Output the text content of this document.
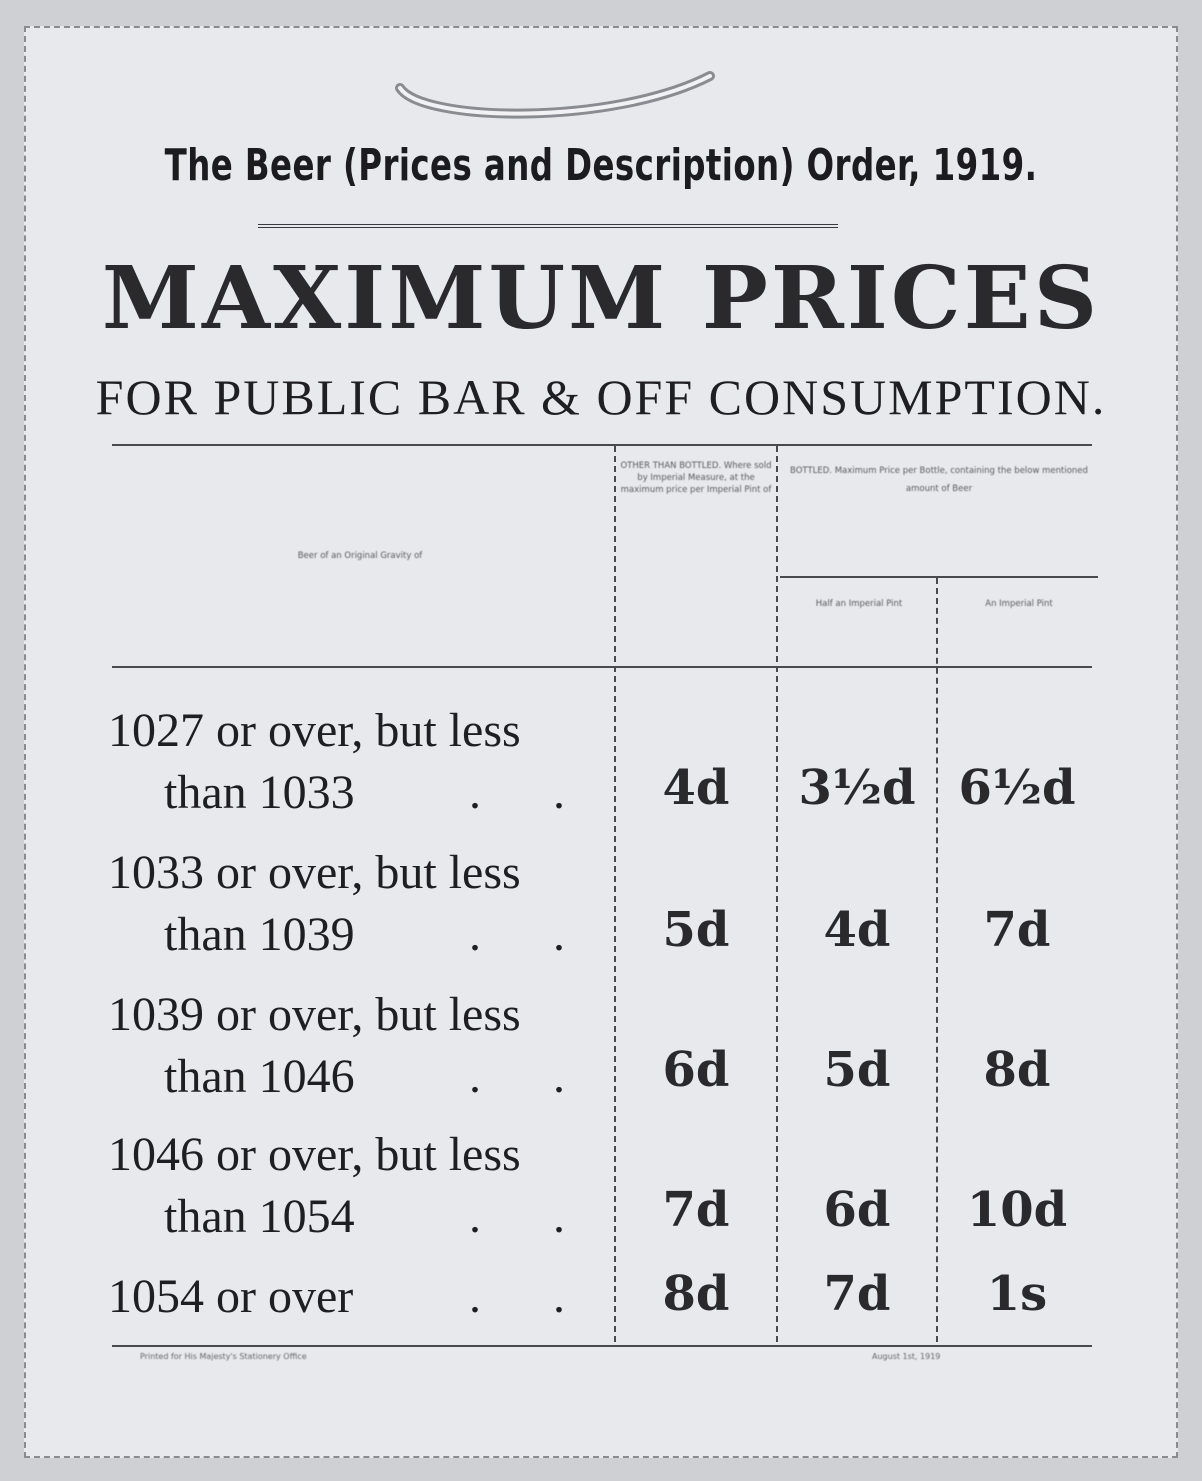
The Beer (Prices and Description) Order, 1919.
MAXIMUM PRICES
FOR PUBLIC BAR & OFF CONSUMPTION.
Beer of an Original Gravity of
OTHER THAN BOTTLED. Where sold by Imperial Measure, at the maximum price per Imperial Pint of
BOTTLED. Maximum Price per Bottle, containing the below mentioned amount of Beer
Half an Imperial Pint	An Imperial Pint
1027 or over, but less
than 1033 . .	4d	3½d 6½d
1033 or over, but less
than 1039 . .	5d	4d	7d
1039 or over, but less
than 1046 . .	6d	5d	8d
1046 or over, but less
than 1054 . .	7d	6d	10d
1054 or over . .	8d	7d	1s
Printed for His Majesty's Stationery Office	August 1st, 1919
